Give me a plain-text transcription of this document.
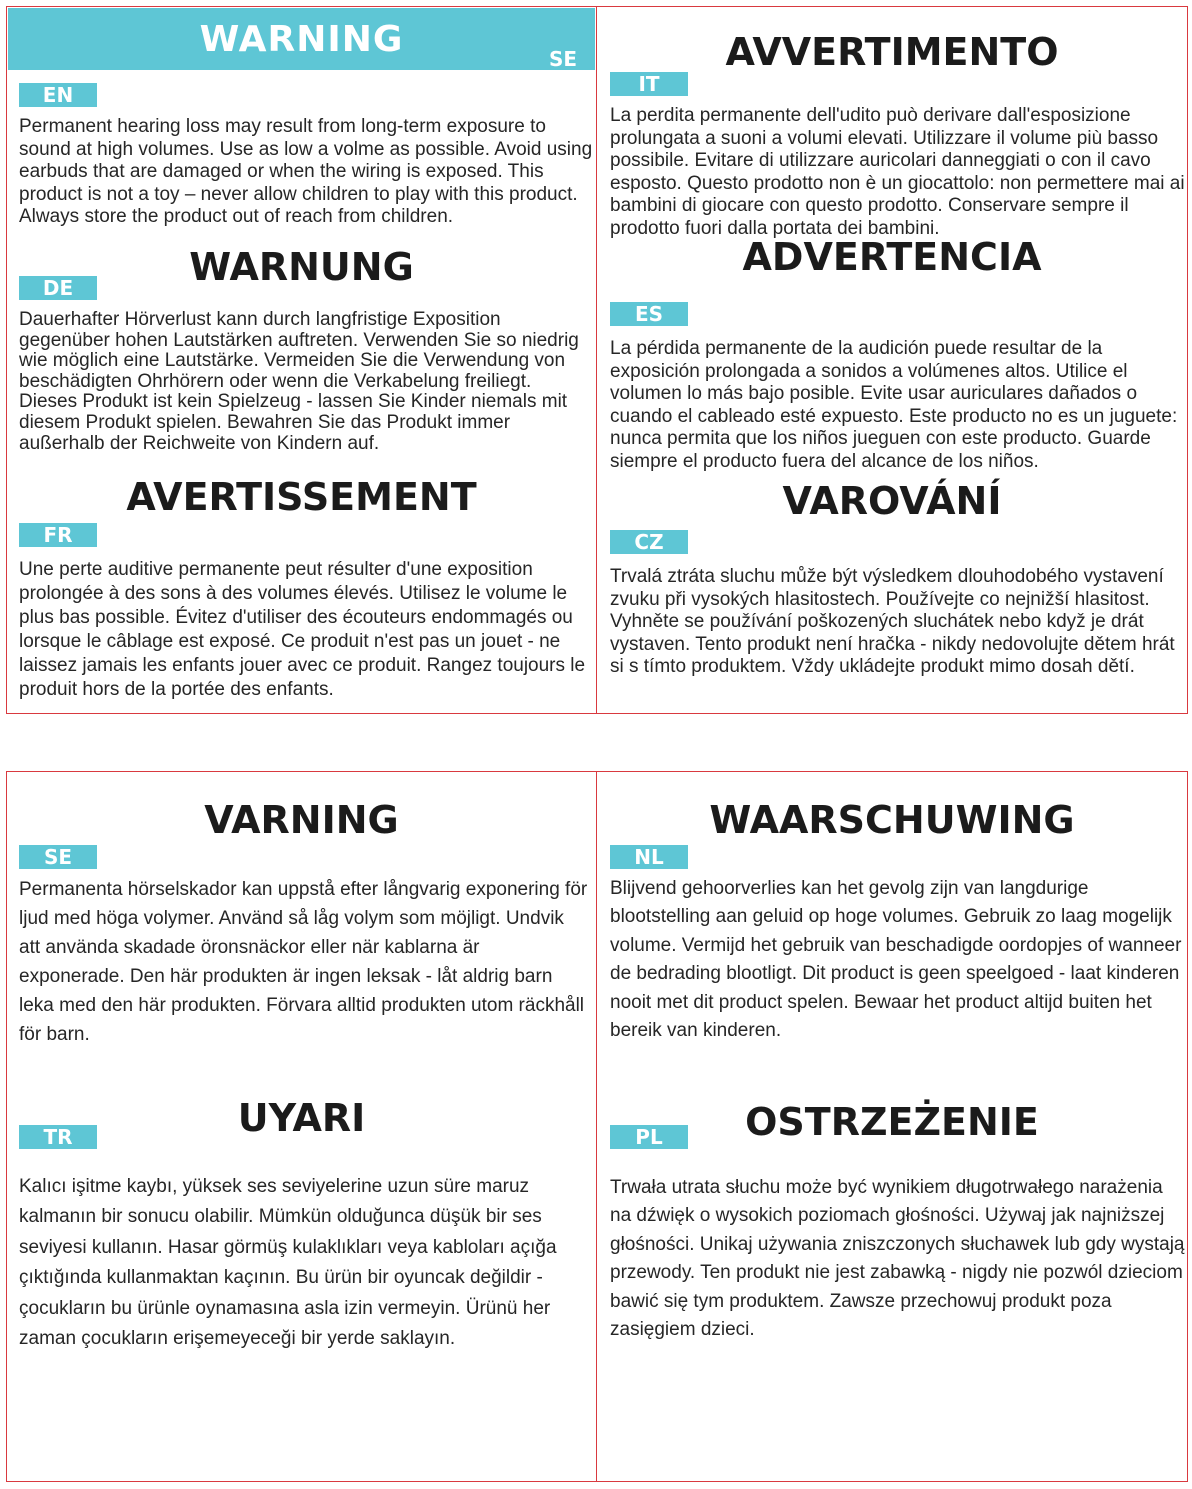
WARNING	SE
EN

Permanent hearing loss may result from long-term exposure to sound at high volumes. Use as low a volme as possible. Avoid using earbuds that are damaged or when the wiring is exposed. This product is not a toy – never allow children to play with this product. Always store the product out of reach from children.

WARNUNG
DE

Dauerhafter Hörverlust kann durch langfristige Exposition gegenüber hohen Lautstärken auftreten. Verwenden Sie so niedrig wie möglich eine Lautstärke. Vermeiden Sie die Verwendung von beschädigten Ohrhörern oder wenn die Verkabelung freiliegt. Dieses Produkt ist kein Spielzeug - lassen Sie Kinder niemals mit diesem Produkt spielen. Bewahren Sie das Produkt immer außerhalb der Reichweite von Kindern auf.

AVERTISSEMENT
FR

Une perte auditive permanente peut résulter d'une exposition prolongée à des sons à des volumes élevés. Utilisez le volume le plus bas possible. Évitez d'utiliser des écouteurs endommagés ou lorsque le câblage est exposé. Ce produit n'est pas un jouet - ne laissez jamais les enfants jouer avec ce produit. Rangez toujours le produit hors de la portée des enfants.

AVVERTIMENTO
IT

La perdita permanente dell'udito può derivare dall'esposizione prolungata a suoni a volumi elevati. Utilizzare il volume più basso possibile. Evitare di utilizzare auricolari danneggiati o con il cavo esposto. Questo prodotto non è un giocattolo: non permettere mai ai bambini di giocare con questo prodotto. Conservare sempre il prodotto fuori dalla portata dei bambini.

ADVERTENCIA
ES

La pérdida permanente de la audición puede resultar de la exposición prolongada a sonidos a volúmenes altos. Utilice el volumen lo más bajo posible. Evite usar auriculares dañados o cuando el cableado esté expuesto. Este producto no es un juguete: nunca permita que los niños jueguen con este producto. Guarde siempre el producto fuera del alcance de los niños.

VAROVÁNÍ
CZ

Trvalá ztráta sluchu může být výsledkem dlouhodobého vystavení zvuku při vysokých hlasitostech. Používejte co nejnižší hlasitost. Vyhněte se používání poškozených sluchátek nebo když je drát vystaven. Tento produkt není hračka - nikdy nedovolujte dětem hrát si s tímto produktem. Vždy ukládejte produkt mimo dosah dětí.

VARNING
SE

Permanenta hörselskador kan uppstå efter långvarig exponering för ljud med höga volymer. Använd så låg volym som möjligt. Undvik att använda skadade öronsnäckor eller när kablarna är exponerade. Den här produkten är ingen leksak - låt aldrig barn leka med den här produkten. Förvara alltid produkten utom räckhåll för barn.

WAARSCHUWING
NL

Blijvend gehoorverlies kan het gevolg zijn van langdurige blootstelling aan geluid op hoge volumes. Gebruik zo laag mogelijk volume. Vermijd het gebruik van beschadigde oordopjes of wanneer de bedrading blootligt. Dit product is geen speelgoed - laat kinderen nooit met dit product spelen. Bewaar het product altijd buiten het bereik van kinderen.

UYARI
TR

Kalıcı işitme kaybı, yüksek ses seviyelerine uzun süre maruz kalmanın bir sonucu olabilir. Mümkün olduğunca düşük bir ses seviyesi kullanın. Hasar görmüş kulaklıkları veya kabloları açığa çıktığında kullanmaktan kaçının. Bu ürün bir oyuncak değildir - çocukların bu ürünle oynamasına asla izin vermeyin. Ürünü her zaman çocukların erişemeyeceği bir yerde saklayın.

OSTRZEŻENIE
PL

Trwała utrata słuchu może być wynikiem długotrwałego narażenia na dźwięk o wysokich poziomach głośności. Używaj jak najniższej głośności. Unikaj używania zniszczonych słuchawek lub gdy wystają przewody. Ten produkt nie jest zabawką - nigdy nie pozwól dzieciom bawić się tym produktem. Zawsze przechowuj produkt poza zasięgiem dzieci.
